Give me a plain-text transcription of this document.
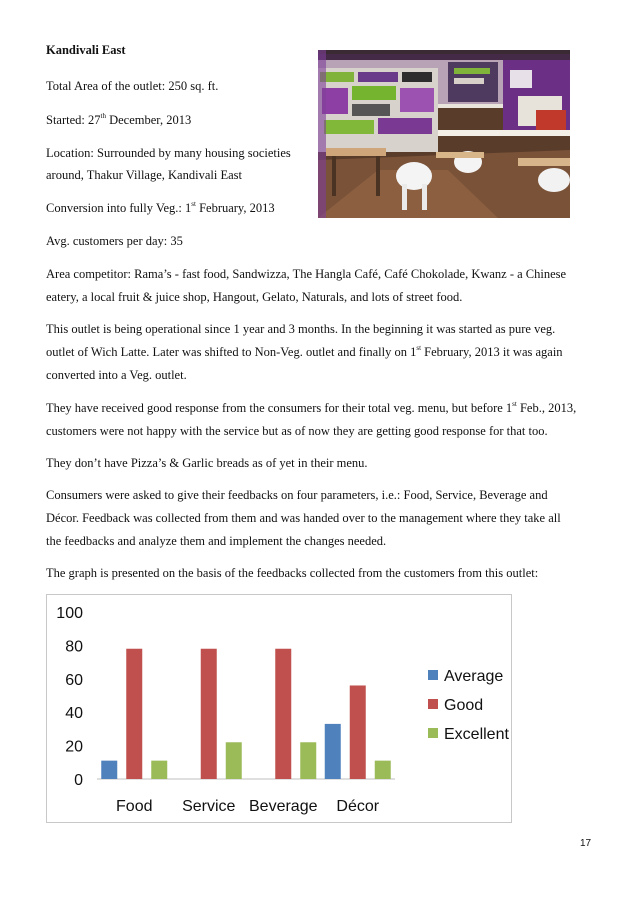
Kandivali East

Total Area of the outlet: 250 sq. ft.

Started: 27th December, 2013

Location: Surrounded by many housing societies

around, Thakur Village, Kandivali East

Conversion into fully Veg.: 1st February, 2013

Avg. customers per day: 35

Area competitor: Rama’s - fast food, Sandwizza, The Hangla Café, Café Chokolade, Kwanz - a Chinese

eatery, a local fruit & juice shop, Hangout, Gelato, Naturals, and lots of street food.

This outlet is being operational since 1 year and 3 months. In the beginning it was started as pure veg.

outlet of Wich Latte. Later was shifted to Non-Veg. outlet and finally on 1st February, 2013 it was again

converted into a Veg. outlet.

They have received good response from the consumers for their total veg. menu, but before 1st Feb., 2013,

customers were not happy with the service but as of now they are getting good response for that too.

They don’t have Pizza’s & Garlic breads as of yet in their menu.

Consumers were asked to give their feedbacks on four parameters, i.e.: Food, Service, Beverage and

Décor. Feedback was collected from them and was handed over to the management where they take all

the feedbacks and analyze them and implement the changes needed.

The graph is presented on the basis of the feedbacks collected from the customers from this outlet:

0
20
40
60
80
100
Food Service Beverage Décor
Average
Good
Excellent
17
